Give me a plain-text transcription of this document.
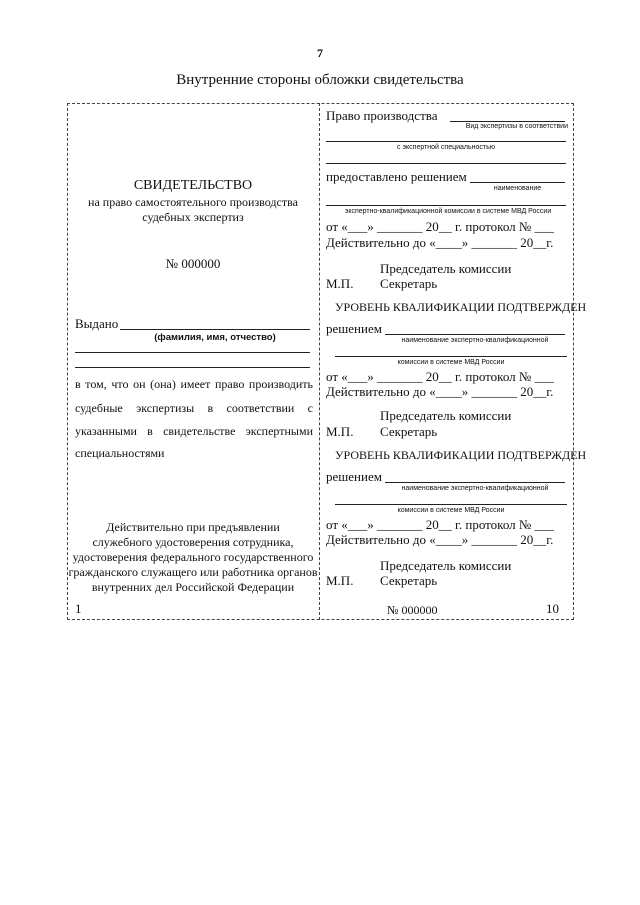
7
Внутренние стороны обложки свидетельства
СВИДЕТЕЛЬСТВО
на право самостоятельного производства
судебных экспертиз
№ 000000
Выдано
(фамилия, имя, отчество)
в том, что он (она) имеет право производить
судебные экспертизы в соответствии с
указанными в свидетельстве экспертными
специальностями
Действительно при предъявлении
служебного удостоверения сотрудника,
удостоверения федерального государственного
гражданского служащего или работника органов
внутренних дел Российской Федерации
1
Право производства
Вид экспертизы в соответствии
с экспертной специальностью
предоставлено решением
наименование
экспертно-квалификационной комиссии в системе МВД России
от «___» _______ 20__ г. протокол № ___
Действительно до «____» _______ 20__г.
Председатель комиссии
М.П. Секретарь
УРОВЕНЬ КВАЛИФИКАЦИИ ПОДТВЕРЖДЕН
решением
наименование экспертно-квалификационной
комиссии в системе МВД России
от «___» _______ 20__ г. протокол № ___
Действительно до «____» _______ 20__г.
Председатель комиссии
М.П. Секретарь
УРОВЕНЬ КВАЛИФИКАЦИИ ПОДТВЕРЖДЕН
решением
наименование экспертно-квалификационной
комиссии в системе МВД России
от «___» _______ 20__ г. протокол № ___
Действительно до «____» _______ 20__г.
Председатель комиссии
М.П. Секретарь
№ 000000	10
